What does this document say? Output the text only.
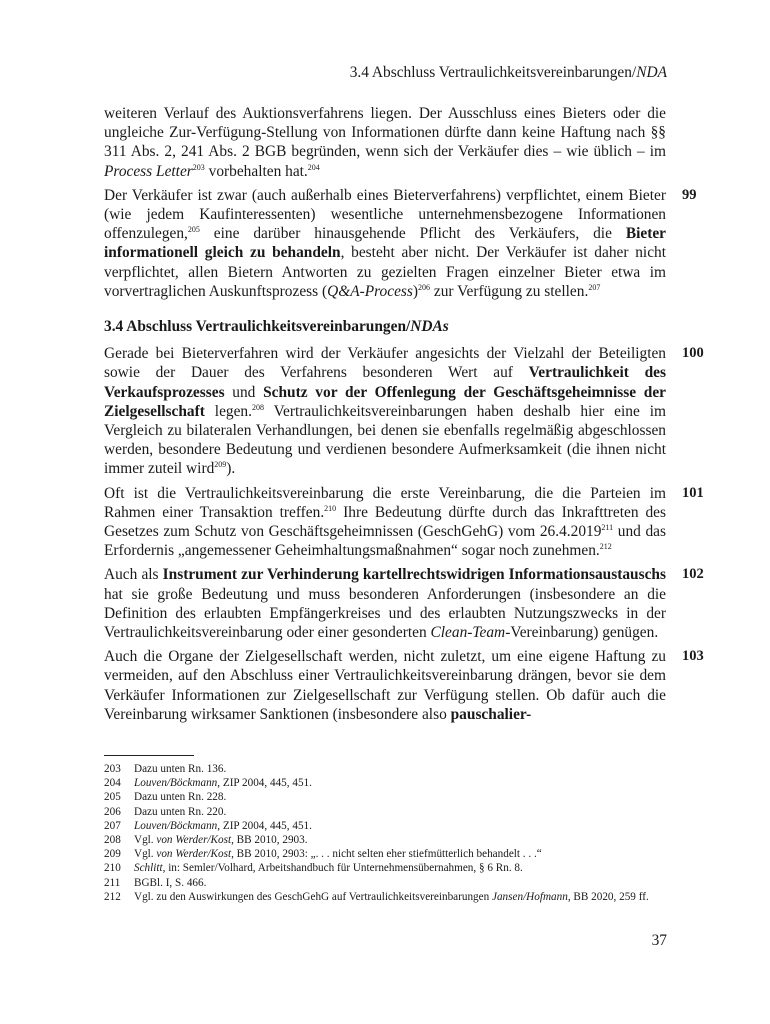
3.4 Abschluss Vertraulichkeitsvereinbarungen/NDA
weiteren Verlauf des Auktionsverfahrens liegen. Der Ausschluss eines Bieters oder die ungleiche Zur-Verfügung-Stellung von Informationen dürfte dann keine Haftung nach §§ 311 Abs. 2, 241 Abs. 2 BGB begründen, wenn sich der Verkäufer dies – wie üblich – im Process Letter$^{203}$ vorbehalten hat.$^{204}$
99
Der Verkäufer ist zwar (auch außerhalb eines Bieterverfahrens) verpflichtet, einem Bieter (wie jedem Kaufinteressenten) wesentliche unternehmensbezogene Informationen offenzulegen,$^{205}$ eine darüber hinausgehende Pflicht des Verkäufers, die Bieter informationell gleich zu behandeln, besteht aber nicht. Der Verkäufer ist daher nicht verpflichtet, allen Bietern Antworten zu gezielten Fragen einzelner Bieter etwa im vorvertraglichen Auskunftsprozess (Q&A-Process)$^{206}$ zur Verfügung zu stellen.$^{207}$
3.4 Abschluss Vertraulichkeitsvereinbarungen/NDAs
100
Gerade bei Bieterverfahren wird der Verkäufer angesichts der Vielzahl der Beteiligten sowie der Dauer des Verfahrens besonderen Wert auf Vertraulichkeit des Verkaufsprozesses und Schutz vor der Offenlegung der Geschäftsgeheimnisse der Zielgesellschaft legen.$^{208}$ Vertraulichkeitsvereinbarungen haben deshalb hier eine im Vergleich zu bilateralen Verhandlungen, bei denen sie ebenfalls regelmäßig abgeschlossen werden, besondere Bedeutung und verdienen besondere Aufmerksamkeit (die ihnen nicht immer zuteil wird$^{209}$).
101
Oft ist die Vertraulichkeitsvereinbarung die erste Vereinbarung, die die Parteien im Rahmen einer Transaktion treffen.$^{210}$ Ihre Bedeutung dürfte durch das Inkrafttreten des Gesetzes zum Schutz von Geschäftsgeheimnissen (GeschGehG) vom 26.4.2019$^{211}$ und das Erfordernis „angemessener Geheimhaltungsmaßnahmen“ sogar noch zunehmen.$^{212}$
102
Auch als Instrument zur Verhinderung kartellrechtswidrigen Informationsaustauschs hat sie große Bedeutung und muss besonderen Anforderungen (insbesondere an die Definition des erlaubten Empfängerkreises und des erlaubten Nutzungszwecks in der Vertraulichkeitsvereinbarung oder einer gesonderten Clean-Team-Vereinbarung) genügen.
103
Auch die Organe der Zielgesellschaft werden, nicht zuletzt, um eine eigene Haftung zu vermeiden, auf den Abschluss einer Vertraulichkeitsvereinbarung drängen, bevor sie dem Verkäufer Informationen zur Zielgesellschaft zur Verfügung stellen. Ob dafür auch die Vereinbarung wirksamer Sanktionen (insbesondere also pauschalier-
203	Dazu unten Rn. 136.
204	Louven/Böckmann, ZIP 2004, 445, 451.
205	Dazu unten Rn. 228.
206	Dazu unten Rn. 220.
207	Louven/Böckmann, ZIP 2004, 445, 451.
208	Vgl. von Werder/Kost, BB 2010, 2903.
209	Vgl. von Werder/Kost, BB 2010, 2903: „. . . nicht selten eher stiefmütterlich behandelt . . .“
210	Schlitt, in: Semler/Volhard, Arbeitshandbuch für Unternehmensübernahmen, § 6 Rn. 8.
211	BGBl. I, S. 466.
212	Vgl. zu den Auswirkungen des GeschGehG auf Vertraulichkeitsvereinbarungen Jansen/Hofmann, BB 2020, 259 ff.
37
